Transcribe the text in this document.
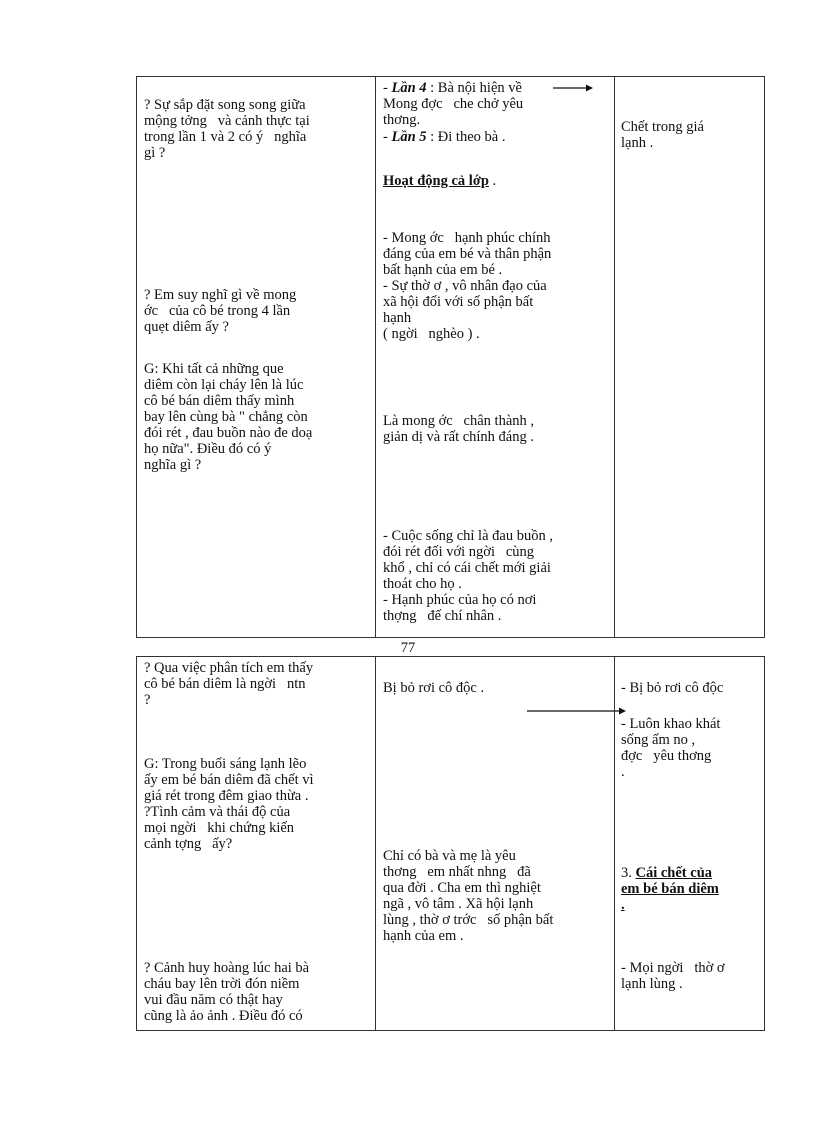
? Sự sắp đặt song song giữa
mộng tởng   và cảnh thực tại
trong lần 1 và 2 có ý   nghĩa
gì ?
? Em suy nghĩ gì về mong
ớc   của cô bé trong 4 lần
quẹt diêm ấy ?
G: Khi tất cả những que
diêm còn lại cháy lên là lúc
cô bé bán diêm thấy mình
bay lên cùng bà " chẳng còn
đói rét , đau buồn nào đe doạ
họ nữa". Điều đó có ý
nghĩa gì ?
- Lần 4 : Bà nội hiện về
Mong đợc   che chở yêu
thơng.
- Lần 5 : Đi theo bà .
Hoạt động cả lớp .
- Mong ớc   hạnh phúc chính
đáng của em bé và thân phận
bất hạnh của em bé .
- Sự thờ ơ , vô nhân đạo của
xã hội đối với số phận bất
hạnh
( ngời   nghèo ) .
Là mong ớc   chân thành ,
giản dị và rất chính đáng .
- Cuộc sống chỉ là đau buồn ,
đói rét đối với ngời   cùng
khổ , chỉ có cái chết mới giải
thoát cho họ .
- Hạnh phúc của họ có nơi
thợng   đế chí nhân .
Chết trong giá
lạnh .
77
? Qua việc phân tích em thấy
cô bé bán diêm là ngời   ntn
?
G: Trong buổi sáng lạnh lẽo
ấy em bé bán diêm đã chết vì
giá rét trong đêm giao thừa .
?Tình cảm và thái độ của
mọi ngời   khi chứng kiến
cảnh tợng   ấy?
? Cảnh huy hoàng lúc hai bà
cháu bay lên trời đón niềm
vui đầu năm có thật hay
cũng là ảo ảnh . Điều đó có
Bị bỏ rơi cô độc .
Chỉ có bà và mẹ là yêu
thơng   em nhất nhng   đã
qua đời . Cha em thì nghiệt
ngã , vô tâm . Xã hội lạnh
lùng , thờ ơ trớc   số phận bất
hạnh của em .
- Bị bỏ rơi cô độc
- Luôn khao khát
sống ấm no ,
đợc   yêu thơng
.
3. Cái chết của
em bé bán diêm
.
- Mọi ngời   thờ ơ
lạnh lùng .
